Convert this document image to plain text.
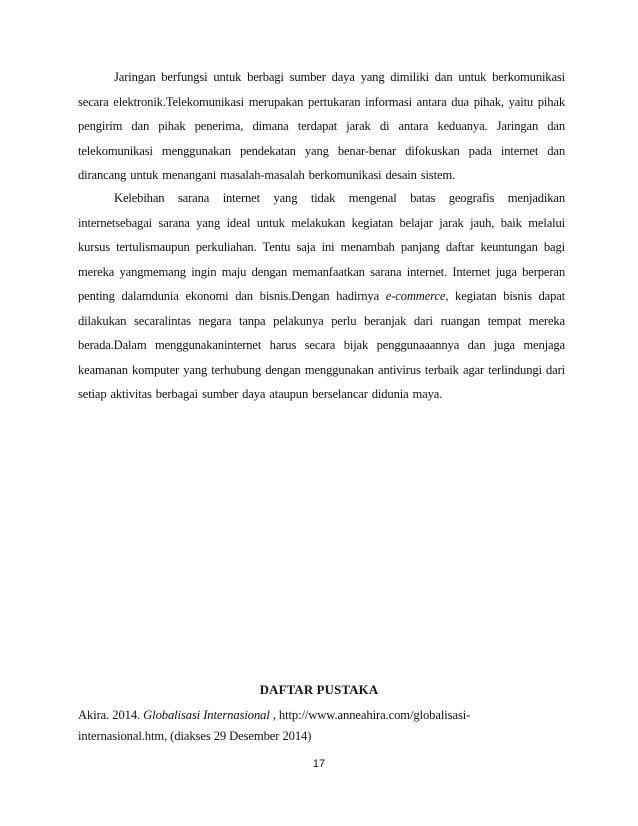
Jaringan berfungsi untuk berbagi sumber daya yang dimiliki dan untuk berkomunikasi secara elektronik.Telekomunikasi merupakan pertukaran informasi antara dua pihak, yaitu pihak pengirim dan pihak penerima, dimana terdapat jarak di antara keduanya. Jaringan dan telekomunikasi menggunakan pendekatan yang benar-benar difokuskan pada internet dan dirancang untuk menangani masalah-masalah berkomunikasi desain sistem.

Kelebihan sarana internet yang tidak mengenal batas geografis menjadikan internetsebagai sarana yang ideal untuk melakukan kegiatan belajar jarak jauh, baik melalui kursus tertulismaupun perkuliahan. Tentu saja ini menambah panjang daftar keuntungan bagi mereka yangmemang ingin maju dengan memanfaatkan sarana internet. Internet juga berperan penting dalamdunia ekonomi dan bisnis.Dengan hadirnya e-commerce, kegiatan bisnis dapat dilakukan secaralintas negara tanpa pelakunya perlu beranjak dari ruangan tempat mereka berada.Dalam menggunakaninternet harus secara bijak penggunaaannya dan juga menjaga keamanan komputer yang terhubung dengan menggunakan antivirus terbaik agar terlindungi dari setiap aktivitas berbagai sumber daya ataupun berselancar didunia maya.

DAFTAR PUSTAKA

Akira. 2014. Globalisasi Internasional , http://www.anneahira.com/globalisasi-internasional.htm, (diakses 29 Desember 2014)

17
